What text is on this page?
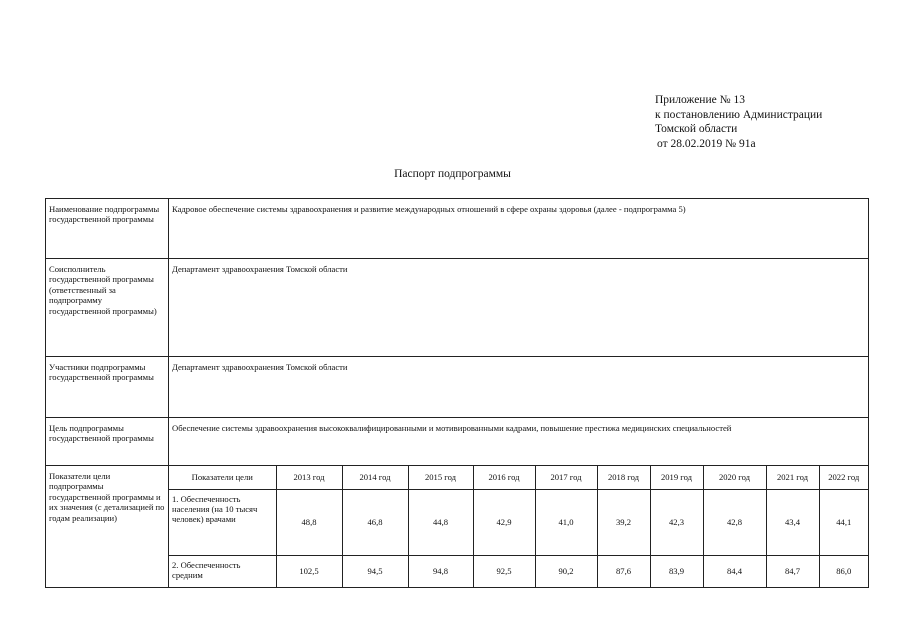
Приложение № 13
к постановлению Администрации
Томской области
от 28.02.2019 № 91а
Паспорт подпрограммы
Наименование подпрограммы государственной программы	Кадровое обеспечение системы здравоохранения и развитие международных отношений в сфере охраны здоровья (далее - подпрограмма 5)
Соисполнитель государственной программы (ответственный за подпрограмму государственной программы)	Департамент здравоохранения Томской области
Участники подпрограммы государственной программы	Департамент здравоохранения Томской области
Цель подпрограммы государственной программы	Обеспечение системы здравоохранения высококвалифицированными и мотивированными кадрами, повышение престижа медицинских специальностей
Показатели цели подпрограммы государственной программы и их значения (с детализацией по годам реализации)	
Показатели цели	2013 год	2014 год	2015 год	2016 год	2017 год	2018 год	2019 год	2020 год	2021 год	2022 год
1. Обеспеченность населения (на 10 тысяч человек) врачами	48,8	46,8	44,8	42,9	41,0	39,2	42,3	42,8	43,4	44,1
2. Обеспеченность средним	102,5	94,5	94,8	92,5	90,2	87,6	83,9	84,4	84,7	86,0
